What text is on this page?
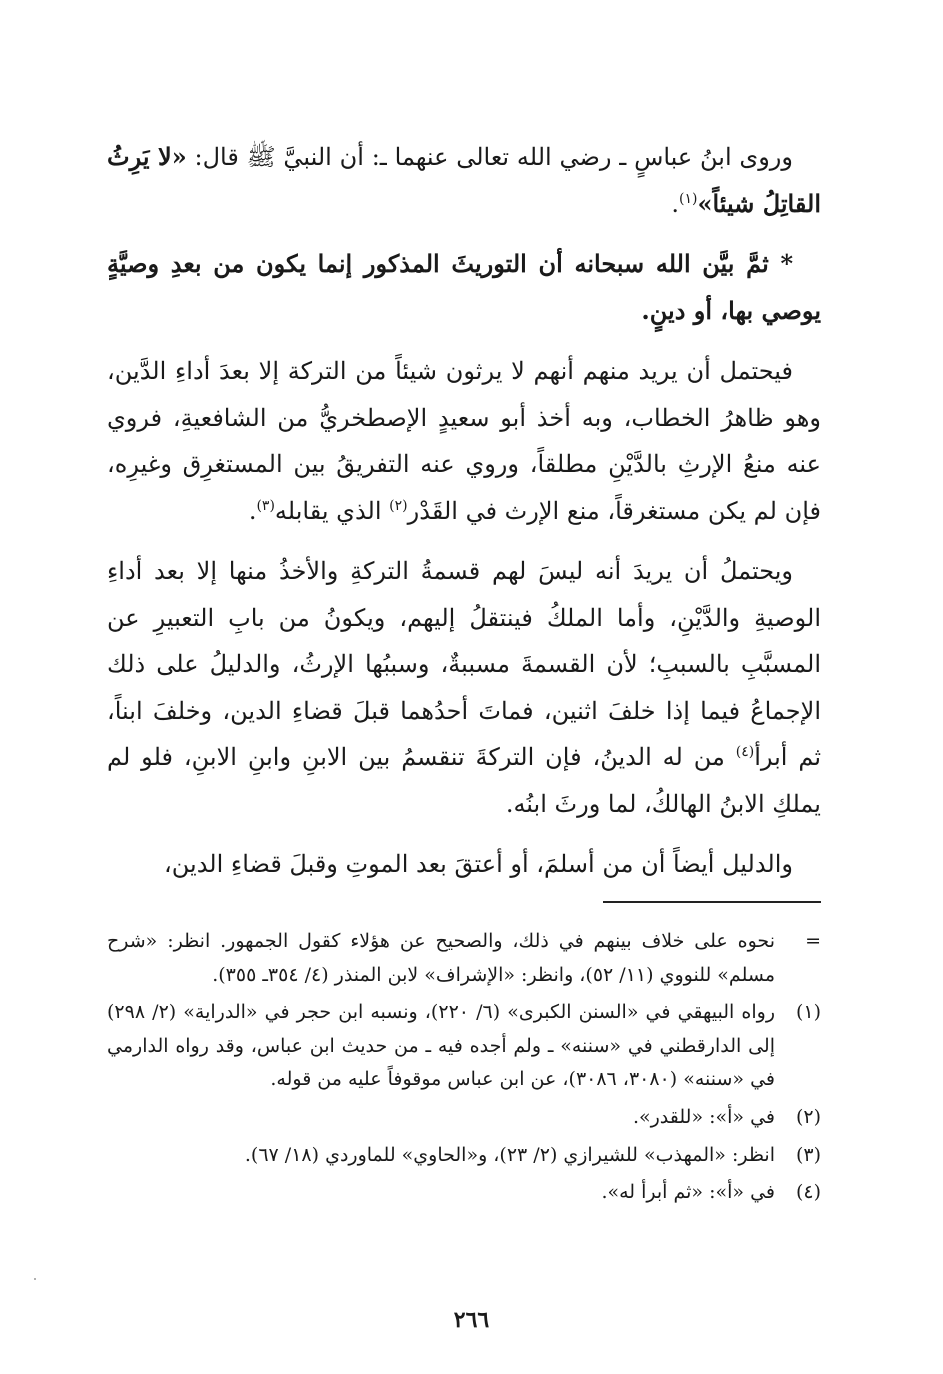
وروى ابنُ عباسٍ ـ رضي الله تعالى عنهما ـ: أن النبيَّ ﷺ قال: «لا يَرِثُ القاتِلُ شيئاً»$^{(١)}$.

* ثمَّ بيَّن الله سبحانه أن التوريثَ المذكور إنما يكون من بعدِ وصيَّةٍ يوصي بها، أو دينٍ.

فيحتمل أن يريد منهم أنهم لا يرثون شيئاً من التركة إلا بعدَ أداءِ الدَّين، وهو ظاهرُ الخطاب، وبه أخذ أبو سعيدٍ الإصطخريُّ من الشافعيةِ، فروي عنه منعُ الإرثِ بالدَّيْنِ مطلقاً، وروي عنه التفريقُ بين المستغرِق وغيرِه، فإن لم يكن مستغرقاً، منع الإرث في القَدْر$^{(٢)}$ الذي يقابله$^{(٣)}$.

ويحتملُ أن يريدَ أنه ليسَ لهم قسمةُ التركةِ والأخذُ منها إلا بعد أداءِ الوصيةِ والدَّيْنِ، وأما الملكُ فينتقلُ إليهم، ويكونُ من بابِ التعبيرِ عن المسبَّبِ بالسببِ؛ لأن القسمةَ مسببةٌ، وسببُها الإرثُ، والدليلُ على ذلك الإجماعُ فيما إذا خلفَ اثنين، فماتَ أحدُهما قبلَ قضاءِ الدين، وخلفَ ابناً، ثم أبرأ$^{(٤)}$ من له الدينُ، فإن التركةَ تنقسمُ بين الابنِ وابنِ الابنِ، فلو لم يملكِ الابنُ الهالكُ، لما ورثَ ابنُه.

والدليل أيضاً أن من أسلمَ، أو أعتقَ بعد الموتِ وقبلَ قضاءِ الدين،

=
نحوه على خلاف بينهم في ذلك، والصحيح عن هؤلاء كقول الجمهور. انظر: «شرح مسلم» للنووي (١١/ ٥٢)، وانظر: «الإشراف» لابن المنذر (٤/ ٣٥٤ـ ٣٥٥).
(١)
رواه البيهقي في «السنن الكبرى» (٦/ ٢٢٠)، ونسبه ابن حجر في «الدراية» (٢/ ٢٩٨) إلى الدارقطني في «سننه» ـ ولم أجده فيه ـ من حديث ابن عباس، وقد رواه الدارمي في «سننه» (٣٠٨٠، ٣٠٨٦)، عن ابن عباس موقوفاً عليه من قوله.
(٢)
في «أ»: «للقدر».
(٣)
انظر: «المهذب» للشيرازي (٢/ ٢٣)، و«الحاوي» للماوردي (١٨/ ٦٧).
(٤)
في «أ»: «ثم أبرأ له».
٢٦٦
